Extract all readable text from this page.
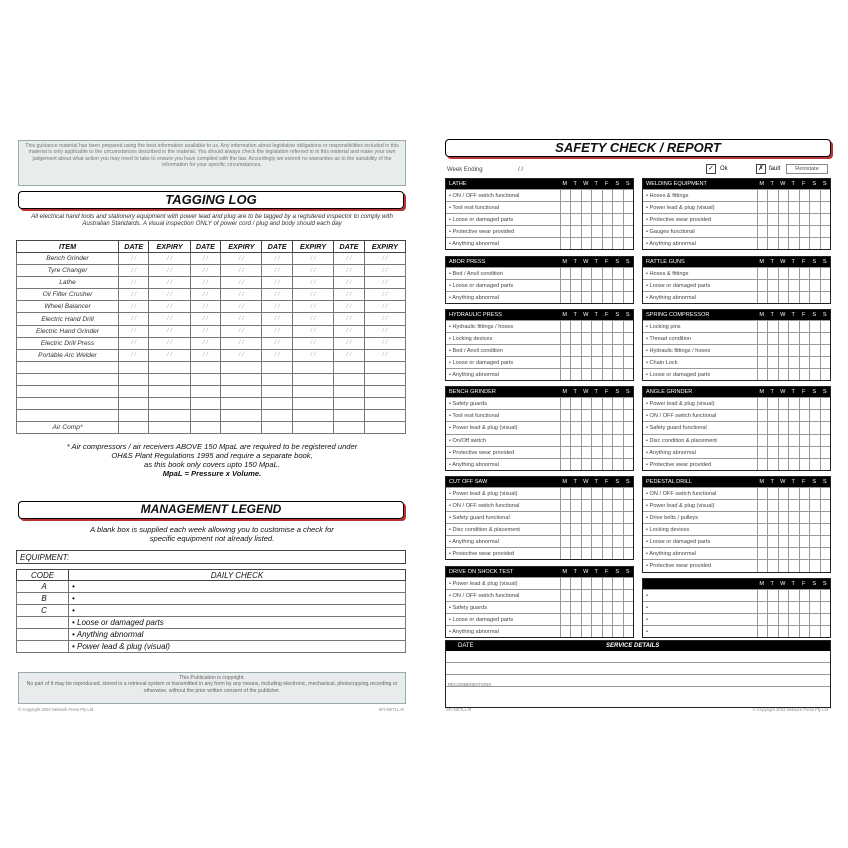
This guidance material has been prepared using the best information available to us. Any information about legislative obligations or responsibilities included in this material is only applicable to the circumstances described in the material. You should always check the legislation referred to in this material and make your own judgement about what action you may need to take to ensure you have complied with the law. Accordingly we extend no warranties as to the suitability of the information for your specific circumstances.
TAGGING LOG
All electrical hand tools and stationery equipment with power lead and plug are to be tagged by a registered inspector to comply with Australian Standards. A visual inspection ONLY of power cord / plug and body should each day
ITEM	DATE	EXPIRY	DATE	EXPIRY	DATE	EXPIRY	DATE	EXPIRY
Bench Grinder	/ /	/ /	/ /	/ /	/ /	/ /	/ /	/ /
Tyre Changer	/ /	/ /	/ /	/ /	/ /	/ /	/ /	/ /
Lathe	/ /	/ /	/ /	/ /	/ /	/ /	/ /	/ /
Oil Filter Crusher	/ /	/ /	/ /	/ /	/ /	/ /	/ /	/ /
Wheel Balancer	/ /	/ /	/ /	/ /	/ /	/ /	/ /	/ /
Electric Hand Drill	/ /	/ /	/ /	/ /	/ /	/ /	/ /	/ /
Electric Hand Grinder	/ /	/ /	/ /	/ /	/ /	/ /	/ /	/ /
Electric Drill Press	/ /	/ /	/ /	/ /	/ /	/ /	/ /	/ /
Portable Arc Welder	/ /	/ /	/ /	/ /	/ /	/ /	/ /	/ /

Air Comp*								
* Air compressors / air receivers ABOVE 150 MpaL are required to be registered under
OH&S Plant Regulations 1995 and require a separate book,
as this book only covers upto 150 MpaL.
MpaL = Pressure x Volume.
MANAGEMENT LEGEND
A blank box is supplied each week allowing you to customise a check for
specific equipment not already listed.
EQUIPMENT:
CODE	DAILY CHECK
A	•
B	•
C	•
	• Loose or damaged parts
	• Anything abnormal
	• Power lead & plug (visual)
This Publication is copyright.
No part of it may be reproduced, stored in a retrieval system or transmitted in any form by any means, including electronic, mechanical, photocopying,recording or otherwise, without the prior written consent of the publisher.
© Copyright 2002 Network Press Pty Ltd	SFI-NETLL-R
SAFETY CHECK / REPORT
Week Ending	/ /	✓	Ok	✗ fault	Reinstate
LATHE	M	T	W	T	F	S	S
• ON / OFF switch functional
• Tool rest functional
• Loose or damaged parts
• Protective wear provided
• Anything abnormal
ABOR PRESS	M	T	W	T	F	S	S
• Bed / Anvil condition
• Loose or damaged parts
• Anything abnormal
HYDRAULIC PRESS	M	T	W	T	F	S	S
• Hydraulic fittings / hoses
• Locking devices
• Bed / Anvil condition
• Loose or damaged parts
• Anything abnormal
BENCH GRINDER	M	T	W	T	F	S	S
• Safety guards
• Tool rest functional
• Power lead & plug (visual)
• On/Off switch
• Protective wear provided
• Anything abnormal
CUT OFF SAW	M	T	W	T	F	S	S
• Power lead & plug (visual)
• ON / OFF switch functional
• Safety guard functional
• Disc condition & placement
• Anything abnormal
• Protective wear provided
DRIVE ON SHOCK TEST	M	T	W	T	F	S	S
• Power lead & plug (visual)
• ON / OFF switch functional
• Safety guards
• Loose or damaged parts
• Anything abnormal
WELDING EQUIPMENT	M	T	W	T	F	S	S
• Hoses & fittings
• Power lead & plug (visual)
• Protective wear provided
• Gauges functional
• Anything abnormal
RATTLE GUNS	M	T	W	T	F	S	S
• Hoses & fittings
• Loose or damaged parts
• Anything abnormal
SPRING COMPRESSOR	M	T	W	T	F	S	S
• Locking pins
• Thread condition
• Hydraulic fittings / hoses
• Chain Lock
• Loose or damaged parts
ANGLE GRINDER	M	T	W	T	F	S	S
• Power lead & plug (visual)
• ON / OFF switch functional
• Safety guard functional
• Disc condition & placement
• Anything abnormal
• Protective wear provided
PEDESTAL DRILL	M	T	W	T	F	S	S
• ON / OFF switch functional
• Power lead & plug (visual)
• Drive belts / pulleys
• Locking devices
• Loose or damaged parts
• Anything abnormal
• Protective wear provided
M	T	W	T	F	S	S
•
•
•
•
DATE	SERVICE DETAILS
RECOMMENDATIONS
SFI-NETLL-R	© Copyright 2002 Network Press Pty Ltd
